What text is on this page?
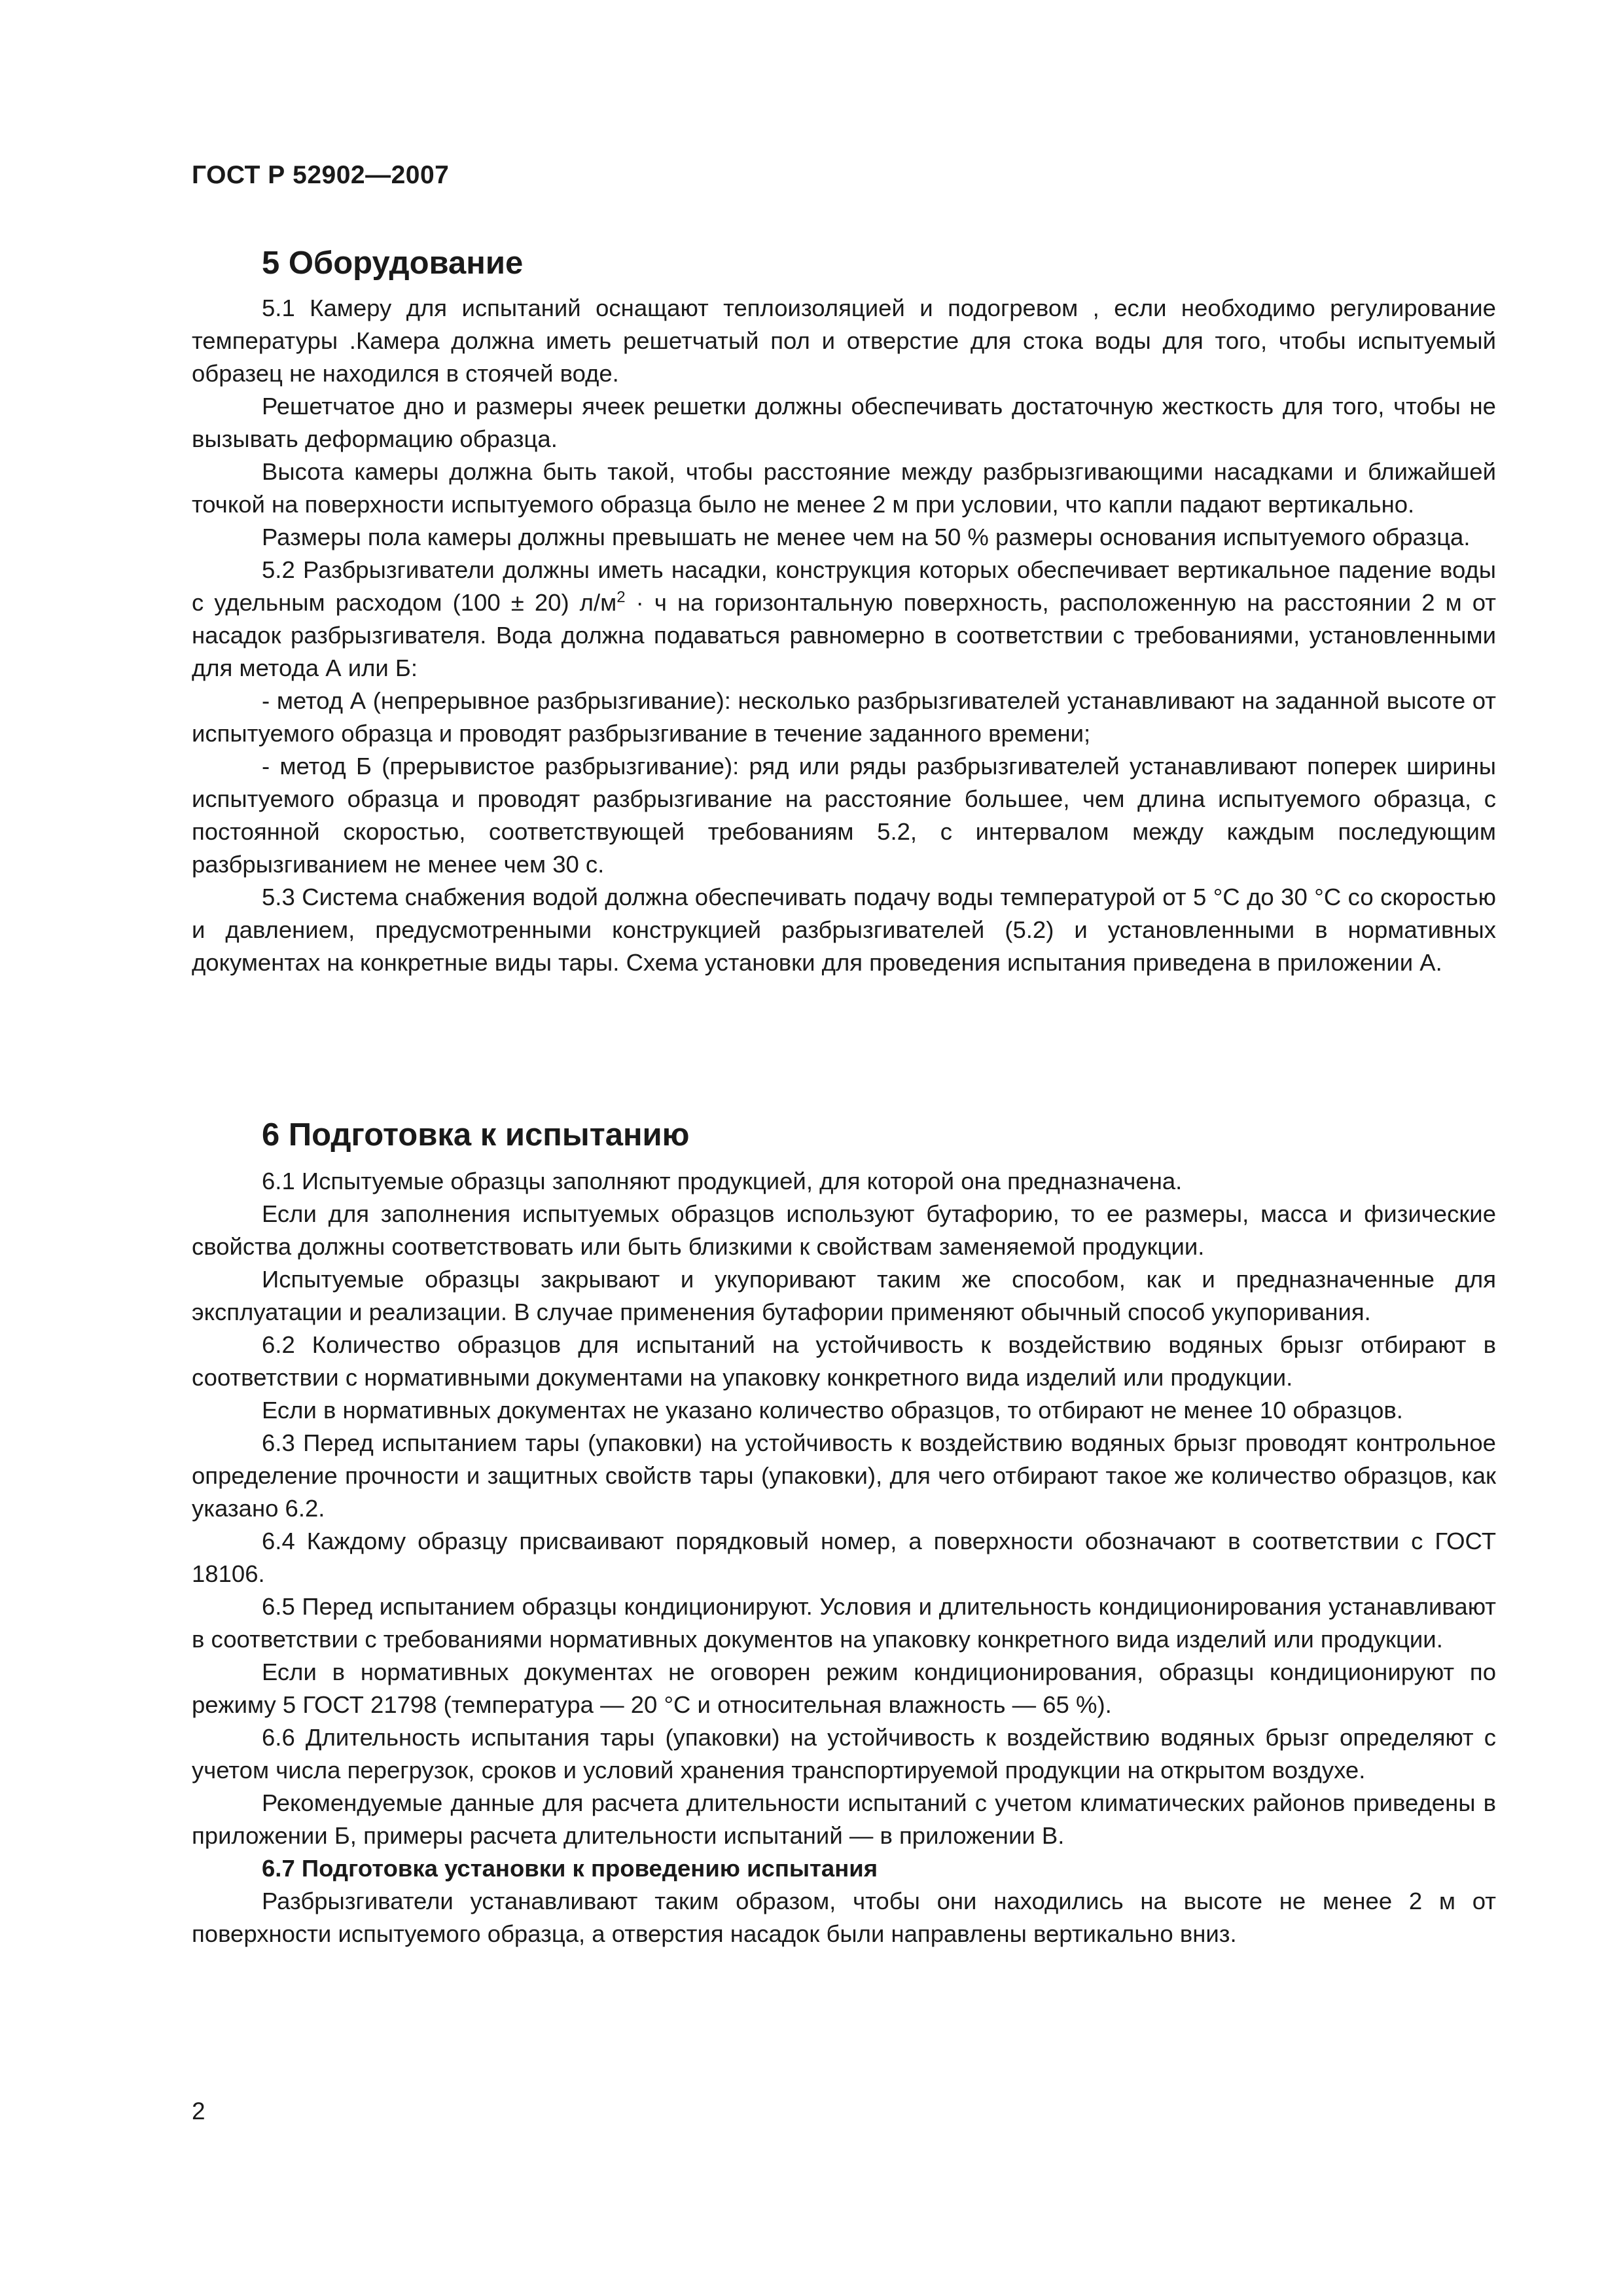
ГОСТ Р 52902—2007
5 Оборудование

5.1 Камеру для испытаний оснащают теплоизоляцией и подогревом , если необходимо регулирование температуры .Камера должна иметь решетчатый пол и отверстие для стока воды для того, чтобы испытуемый образец не находился в стоячей воде.

Решетчатое дно и размеры ячеек решетки должны обеспечивать достаточную жесткость для того, чтобы не вызывать деформацию образца.

Высота камеры должна быть такой, чтобы расстояние между разбрызгивающими насадками и ближайшей точкой на поверхности испытуемого образца было не менее 2 м при условии, что капли падают вертикально.

Размеры пола камеры должны превышать не менее чем на 50 % размеры основания испытуемого образца.

5.2 Разбрызгиватели должны иметь насадки, конструкция которых обеспечивает вертикальное падение воды с удельным расходом (100 ± 20) $л/м^2 \cdot ч$ на горизонтальную поверхность, расположенную на расстоянии 2 м от насадок разбрызгивателя. Вода должна подаваться равномерно в соответствии с требованиями, установленными для метода А или Б:

- метод А (непрерывное разбрызгивание): несколько разбрызгивателей устанавливают на заданной высоте от испытуемого образца и проводят разбрызгивание в течение заданного времени;

- метод Б (прерывистое разбрызгивание): ряд или ряды разбрызгивателей устанавливают поперек ширины испытуемого образца и проводят разбрызгивание на расстояние большее, чем длина испытуемого образца, с постоянной скоростью, соответствующей требованиям 5.2, с интервалом между каждым последующим разбрызгиванием не менее чем 30 с.

5.3 Система снабжения водой должна обеспечивать подачу воды температурой от 5 °С до 30 °С со скоростью и давлением, предусмотренными конструкцией разбрызгивателей (5.2) и установленными в нормативных документах на конкретные виды тары. Схема установки для проведения испытания приведена в приложении А.

6 Подготовка к испытанию

6.1 Испытуемые образцы заполняют продукцией, для которой она предназначена.

Если для заполнения испытуемых образцов используют бутафорию, то ее размеры, масса и физические свойства должны соответствовать или быть близкими к свойствам заменяемой продукции.

Испытуемые образцы закрывают и укупоривают таким же способом, как и предназначенные для эксплуатации и реализации. В случае применения бутафории применяют обычный способ укупоривания.

6.2 Количество образцов для испытаний на устойчивость к воздействию водяных брызг отбирают в соответствии с нормативными документами на упаковку конкретного вида изделий или продукции.

Если в нормативных документах не указано количество образцов, то отбирают не менее 10 образцов.

6.3 Перед испытанием тары (упаковки) на устойчивость к воздействию водяных брызг проводят контрольное определение прочности и защитных свойств тары (упаковки), для чего отбирают такое же количество образцов, как указано 6.2.

6.4 Каждому образцу присваивают порядковый номер, а поверхности обозначают в соответствии с ГОСТ 18106.

6.5 Перед испытанием образцы кондиционируют. Условия и длительность кондиционирования устанавливают в соответствии с требованиями нормативных документов на упаковку конкретного вида изделий или продукции.

Если в нормативных документах не оговорен режим кондиционирования, образцы кондиционируют по режиму 5 ГОСТ 21798 (температура — 20 °С и относительная влажность — 65 %).

6.6 Длительность испытания тары (упаковки) на устойчивость к воздействию водяных брызг определяют с учетом числа перегрузок, сроков и условий хранения транспортируемой продукции на открытом воздухе.

Рекомендуемые данные для расчета длительности испытаний с учетом климатических районов приведены в приложении Б, примеры расчета длительности испытаний — в приложении В.

6.7 Подготовка установки к проведению испытания

Разбрызгиватели устанавливают таким образом, чтобы они находились на высоте не менее 2 м от поверхности испытуемого образца, а отверстия насадок были направлены вертикально вниз.

2
